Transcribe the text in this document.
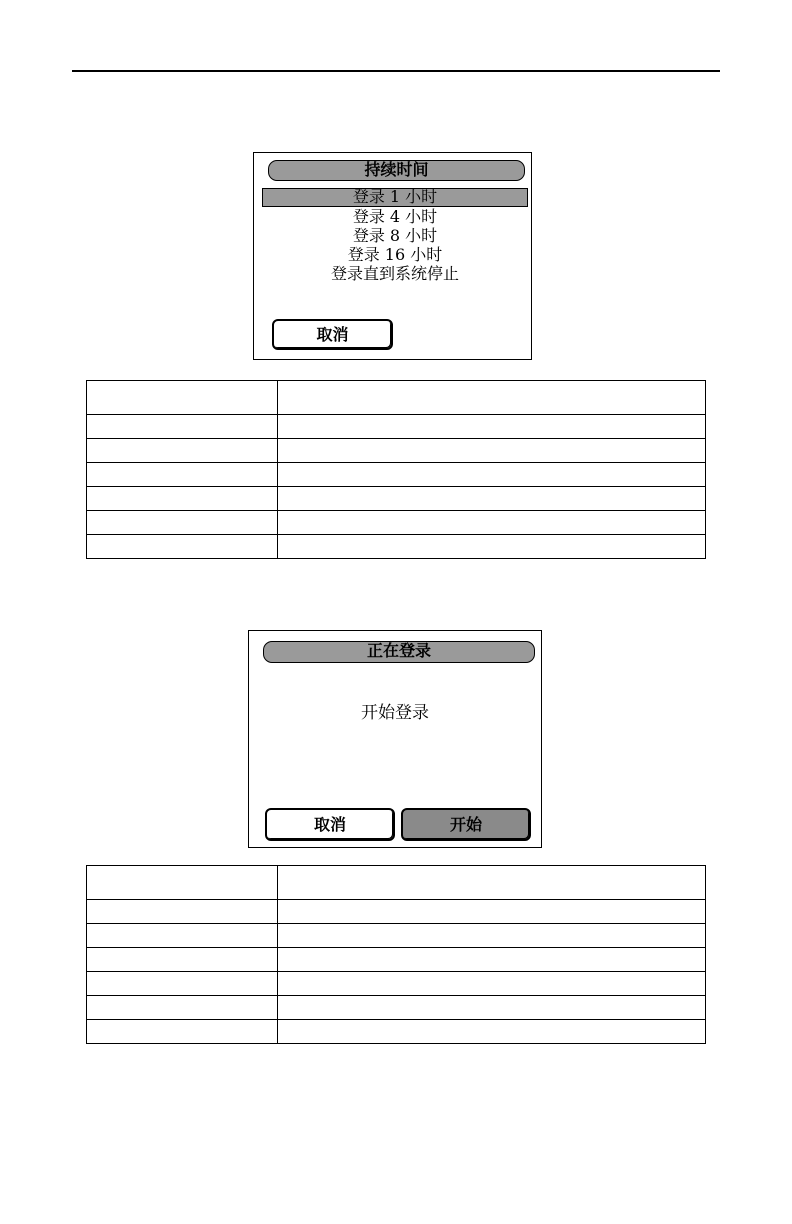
持续时间
登录 1 小时
登录 4 小时
登录 8 小时
登录 16 小时
登录直到系统停止
取消

正在登录
开始登录
取消	开始
